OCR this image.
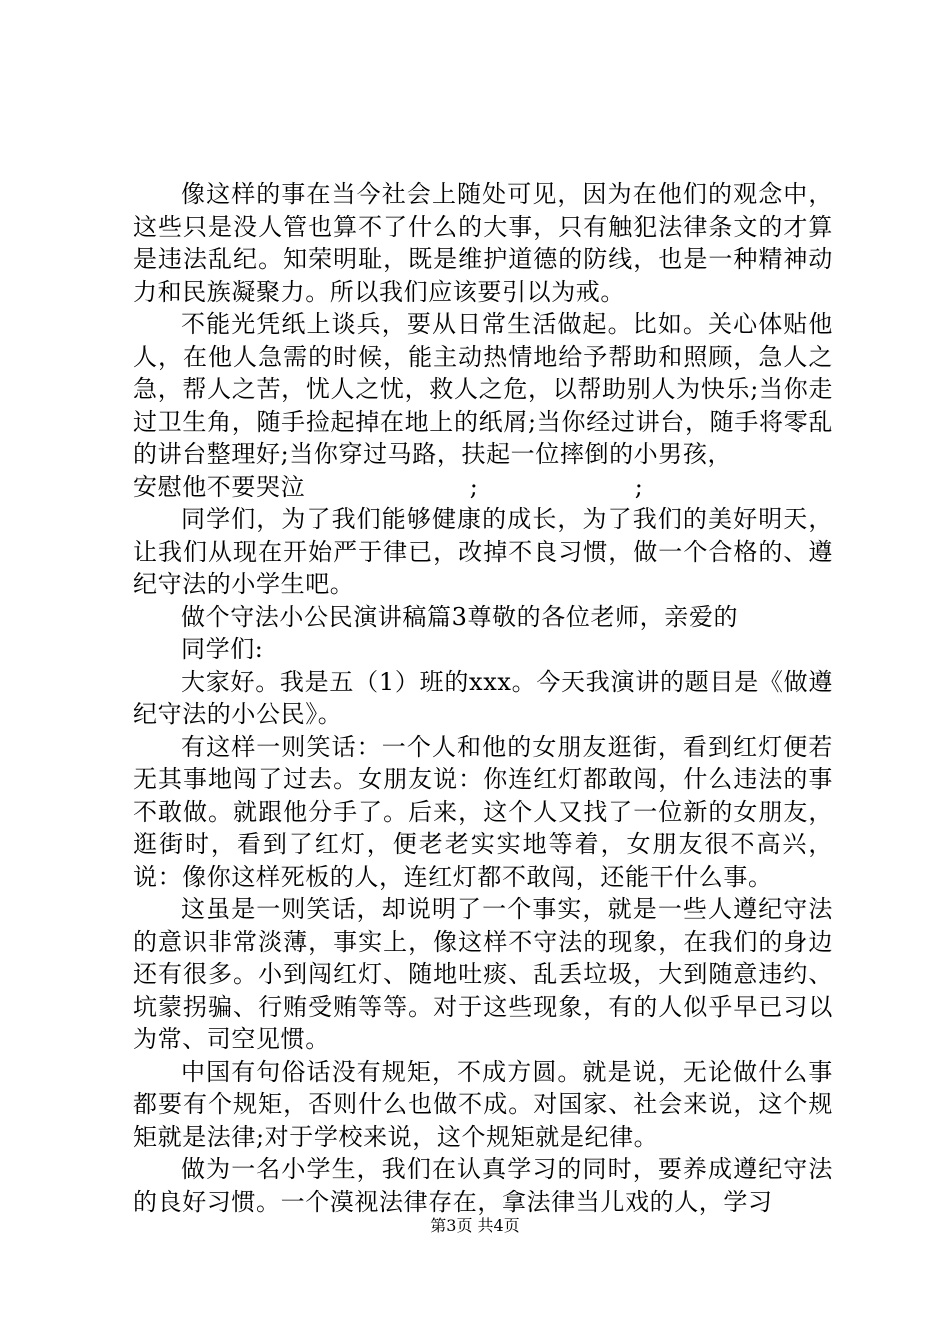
像这样的事在当今社会上随处可见，因为在他们的观念中，这些只是没人管也算不了什么的大事，只有触犯法律条文的才算是违法乱纪。知荣明耻，既是维护道德的防线，也是一种精神动力和民族凝聚力。所以我们应该要引以为戒。

不能光凭纸上谈兵，要从日常生活做起。比如。关心体贴他人，在他人急需的时候，能主动热情地给予帮助和照顾，急人之急，帮人之苦，忧人之忧，救人之危，以帮助别人为快乐;当你走过卫生角，随手捡起掉在地上的纸屑;当你经过讲台，随手将零乱的讲台整理好;当你穿过马路，扶起一位摔倒的小男孩，

安慰他不要哭泣                    ;                   ;

同学们，为了我们能够健康的成长，为了我们的美好明天，让我们从现在开始严于律已，改掉不良习惯，做一个合格的、遵纪守法的小学生吧。

做个守法小公民演讲稿篇3尊敬的各位老师，亲爱的

同学们:

大家好。我是五（1）班的xxx。今天我演讲的题目是《做遵纪守法的小公民》。

有这样一则笑话：一个人和他的女朋友逛街，看到红灯便若无其事地闯了过去。女朋友说：你连红灯都敢闯，什么违法的事不敢做。就跟他分手了。后来，这个人又找了一位新的女朋友，逛街时，看到了红灯，便老老实实地等着，女朋友很不高兴，说：像你这样死板的人，连红灯都不敢闯，还能干什么事。

这虽是一则笑话，却说明了一个事实，就是一些人遵纪守法的意识非常淡薄，事实上，像这样不守法的现象，在我们的身边还有很多。小到闯红灯、随地吐痰、乱丢垃圾，大到随意违约、坑蒙拐骗、行贿受贿等等。对于这些现象，有的人似乎早已习以为常、司空见惯。

中国有句俗话没有规矩，不成方圆。就是说，无论做什么事都要有个规矩，否则什么也做不成。对国家、社会来说，这个规矩就是法律;对于学校来说，这个规矩就是纪律。

做为一名小学生，我们在认真学习的同时，要养成遵纪守法的良好习惯。一个漠视法律存在，拿法律当儿戏的人，学习

第3页 共4页
